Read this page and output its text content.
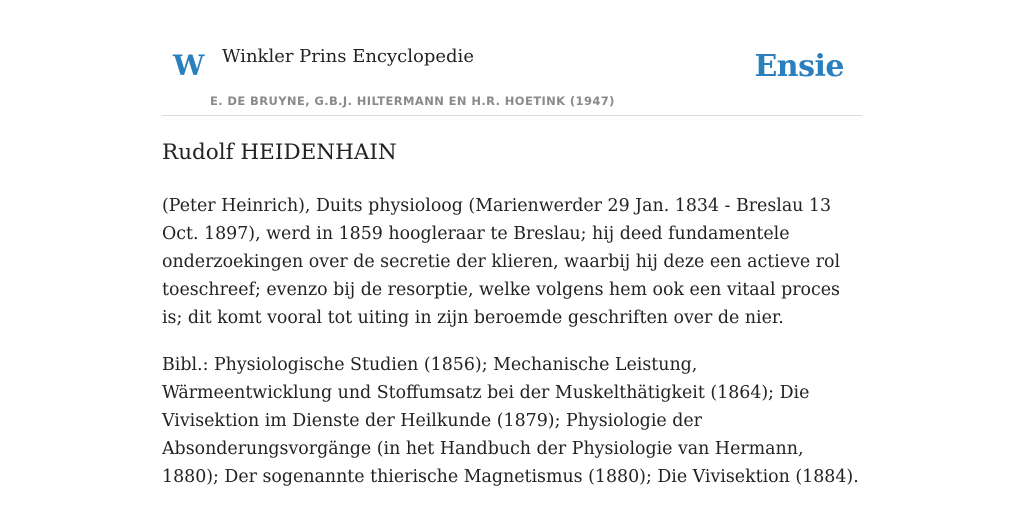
W Winkler Prins Encyclopedie
E. DE BRUYNE, G.B.J. HILTERMANN EN H.R. HOETINK (1947)
Ensie
Rudolf HEIDENHAIN

(Peter Heinrich), Duits physioloog (Marienwerder 29 Jan. 1834 - Breslau 13 Oct. 1897), werd in 1859 hoogleraar te Breslau; hij deed fundamentele onderzoekingen over de secretie der klieren, waarbij hij deze een actieve rol toeschreef; evenzo bij de resorptie, welke volgens hem ook een vitaal proces is; dit komt vooral tot uiting in zijn beroemde geschriften over de nier.

Bibl.: Physiologische Studien (1856); Mechanische Leistung, Wärmeentwicklung und Stoffumsatz bei der Muskelthätigkeit (1864); Die Vivisektion im Dienste der Heilkunde (1879); Physiologie der Absonderungsvorgänge (in het Handbuch der Physiologie van Hermann, 1880); Der sogenannte thierische Magnetismus (1880); Die Vivisektion (1884).
